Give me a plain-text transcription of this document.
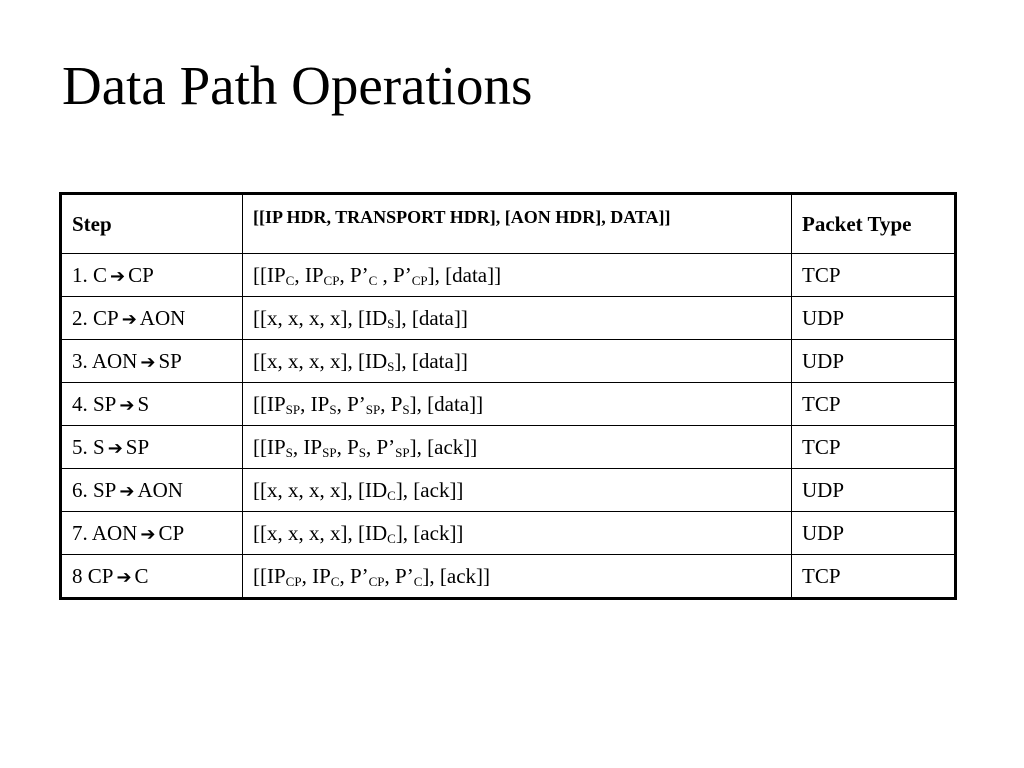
Data Path Operations
Step	[[IP HDR, TRANSPORT HDR], [AON HDR], DATA]]	Packet Type
1. C ➔ CP	[[$IP_C$, $IP_{CP}$, $P’_C$ , $P’_{CP}$], [data]]	TCP
2. CP ➔ AON	[[x, x, x, x], $[ID_S]$, [data]]	UDP
3. AON ➔ SP	[[x, x, x, x], $[ID_S]$, [data]]	UDP
4. SP ➔ S	[[$IP_{SP}$, $IP_S$, $P’_{SP}$, $P_S$], [data]]	TCP
5. S ➔ SP	[[$IP_S$, $IP_{SP}$, $P_S$, $P’_{SP}$], [ack]]	TCP
6. SP ➔ AON	[[x, x, x, x], $[ID_C]$, [ack]]	UDP
7. AON ➔ CP	[[x, x, x, x], $[ID_C]$, [ack]]	UDP
8 CP ➔ C	[[$IP_{CP}$, $IP_C$, $P’_{CP}$, $P’_C$], [ack]]	TCP
